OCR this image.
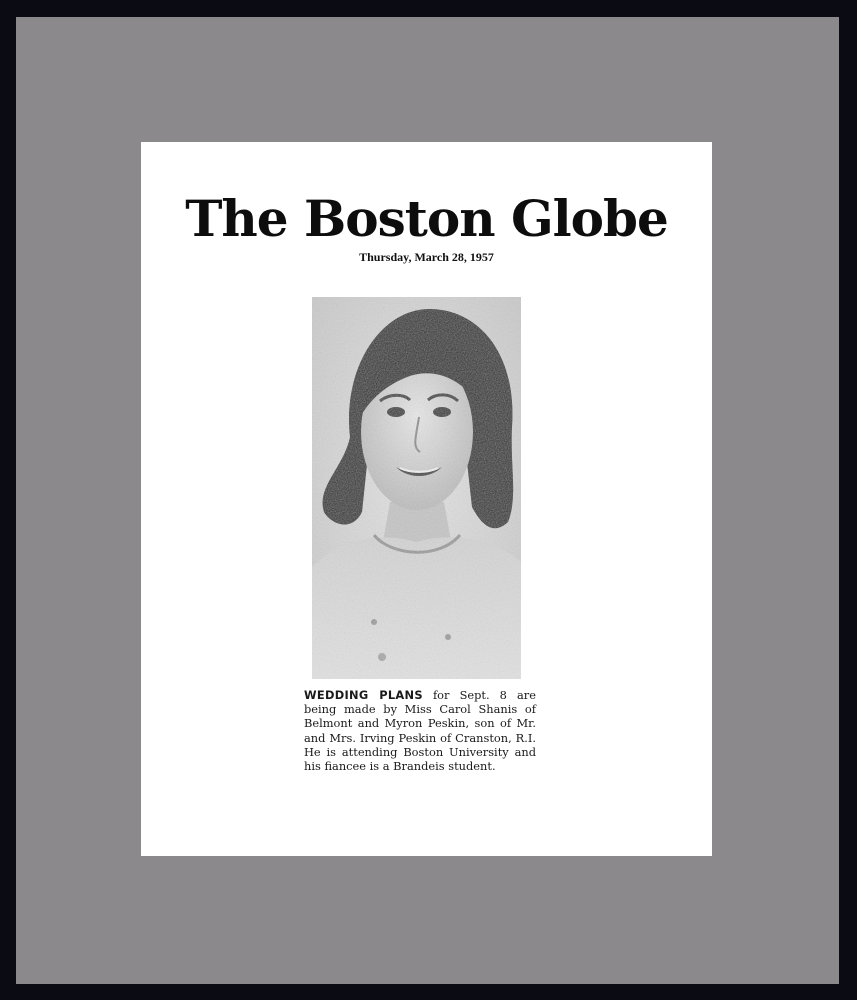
The Boston Globe
Thursday, March 28, 1957
WEDDING PLANS for Sept. 8 are being made by Miss Carol Shanis of Belmont and Myron Peskin, son of Mr. and Mrs. Irving Peskin of Cranston, R.I. He is attending Boston University and his fiancee is a Brandeis student.
